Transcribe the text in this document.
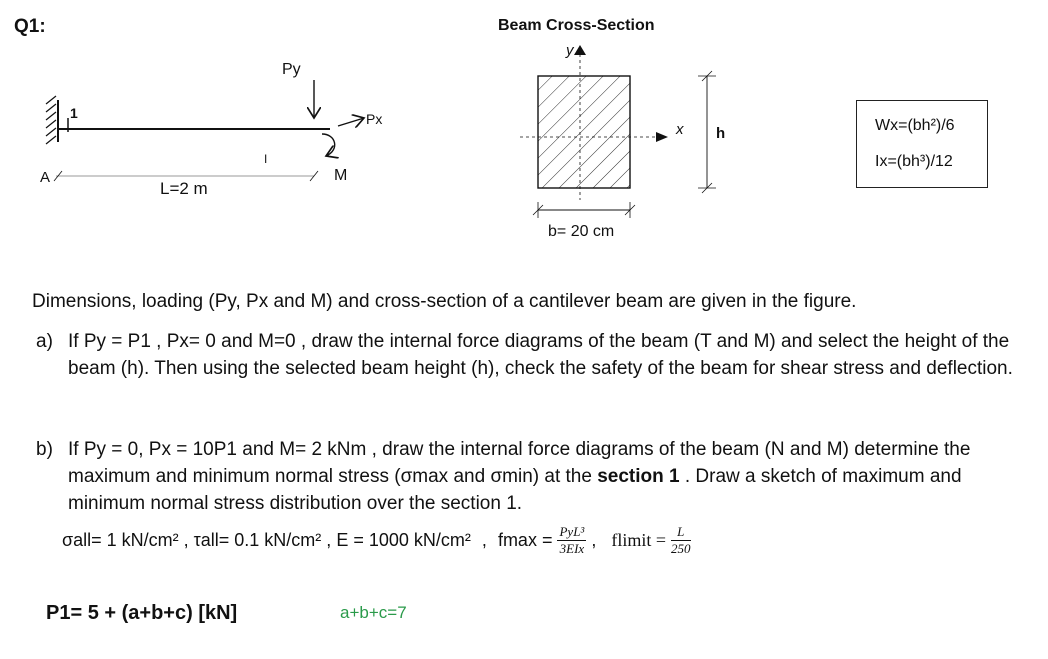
Q1:
1
Py
Px
M
A
L=2 m
I
Beam Cross-Section
y
x h
b= 20 cm
Wx=(bh²)/6
Ix=(bh³)/12
Dimensions, loading (Py, Px and M) and cross-section of a cantilever beam are given in the figure.
a) If Py = P1 , Px= 0 and M=0 , draw the internal force diagrams of the beam (T and M) and select the height of the beam (h). Then using the selected beam height (h), check the safety of the beam for shear stress and deflection.
b) If Py = 0, Px = 10P1 and M= 2 kNm , draw the internal force diagrams of the beam (N and M) determine the maximum and minimum normal stress (σmax and σmin) at the section 1 . Draw a sketch of maximum and minimum normal stress distribution over the section 1.
σall= 1 kN/cm² , τall= 0.1 kN/cm² , E = 1000 kN/cm² , $fmax = \frac{\text{PyL³}}{\text{3EIx}}$ , flimit = $\frac{L}{250}$
P1= 5 + (a+b+c) [kN]	a+b+c=7
